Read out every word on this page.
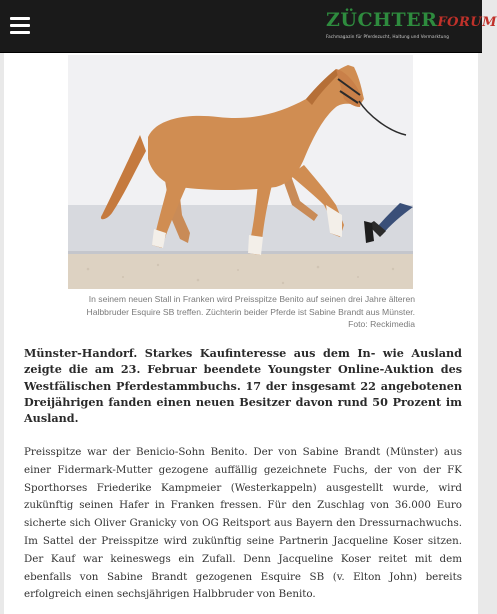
ZÜCHTERFORUM
Fachmagazin für Pferdezucht, Haltung und Vermarktung
In seinem neuen Stall in Franken wird Preisspitze Benito auf seinen drei Jahre älteren Halbbruder Esquire SB treffen. Züchterin beider Pferde ist Sabine Brandt aus Münster. Foto: Reckimedia
Münster-Handorf. Starkes Kaufinteresse aus dem In- wie Ausland zeigte die am 23. Februar beendete Youngster Online-Auktion des Westfälischen Pferdestammbuchs. 17 der insgesamt 22 angebotenen Dreijährigen fanden einen neuen Besitzer davon rund 50 Prozent im Ausland.
Preisspitze war der Benicio-Sohn Benito. Der von Sabine Brandt (Münster) aus einer Fidermark-Mutter gezogene auffällig gezeichnete Fuchs, der von der FK Sporthorses Friederike Kampmeier (Westerkappeln) ausgestellt wurde, wird zukünftig seinen Hafer in Franken fressen. Für den Zuschlag von 36.000 Euro sicherte sich Oliver Granicky von OG Reitsport aus Bayern den Dressurnachwuchs. Im Sattel der Preisspitze wird zukünftig seine Partnerin Jacqueline Koser sitzen. Der Kauf war keineswegs ein Zufall. Denn Jacqueline Koser reitet mit dem ebenfalls von Sabine Brandt gezogenen Esquire SB (v. Elton John) bereits erfolgreich einen sechsjährigen Halbbruder von Benito.
